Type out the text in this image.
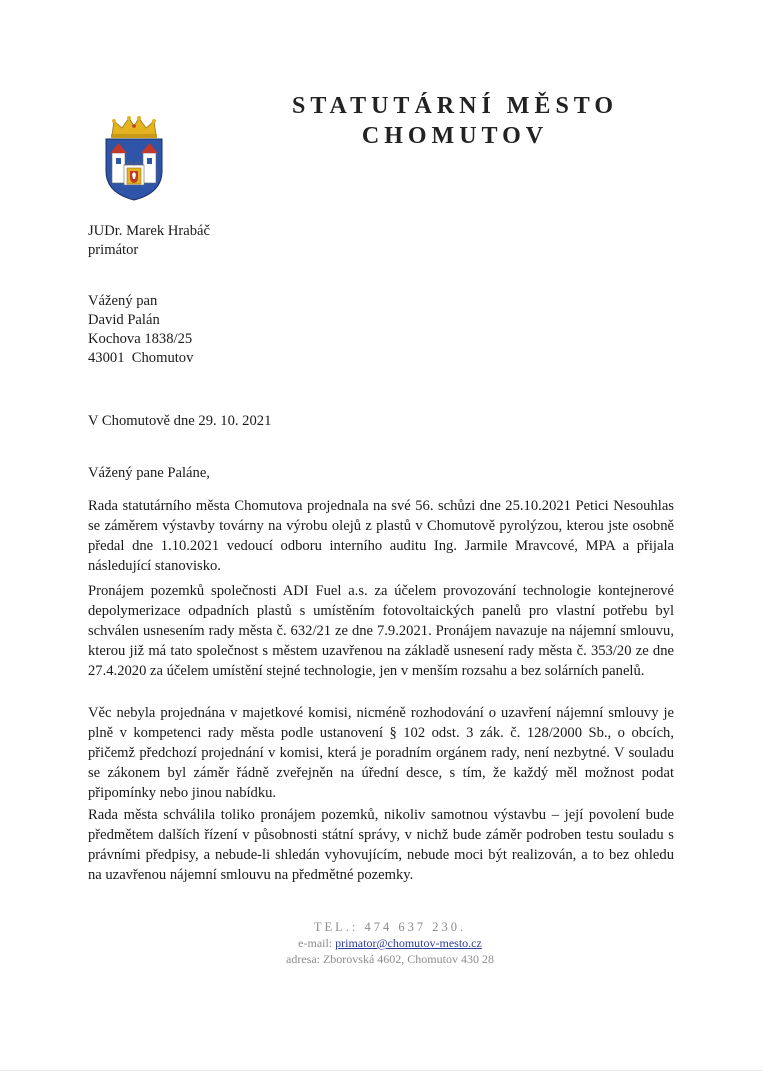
STATUTÁRNÍ MĚSTO
CHOMUTOV
JUDr. Marek Hrabáč
primátor
Vážený pan
David Palán
Kochova 1838/25
43001  Chomutov
V Chomutově dne 29. 10. 2021
Vážený pane Paláne,
Rada statutárního města Chomutova projednala na své 56. schůzi dne 25.10.2021 Petici Nesouhlas se záměrem výstavby továrny na výrobu olejů z plastů v Chomutově pyrolýzou, kterou jste osobně předal dne 1.10.2021 vedoucí odboru interního auditu Ing. Jarmile Mravcové, MPA a přijala následující stanovisko.
Pronájem pozemků společnosti ADI Fuel a.s. za účelem provozování technologie kontejnerové depolymerizace odpadních plastů s umístěním fotovoltaických panelů pro vlastní potřebu byl schválen usnesením rady města č. 632/21 ze dne 7.9.2021. Pronájem navazuje na nájemní smlouvu, kterou již má tato společnost s městem uzavřenou na základě usnesení rady města č. 353/20 ze dne 27.4.2020 za účelem umístění stejné technologie, jen v menším rozsahu a bez solárních panelů.
Věc nebyla projednána v majetkové komisi, nicméně rozhodování o uzavření nájemní smlouvy je plně v kompetenci rady města podle ustanovení § 102 odst. 3 zák. č. 128/2000 Sb., o obcích, přičemž předchozí projednání v komisi, která je poradním orgánem rady, není nezbytné. V souladu se zákonem byl záměr řádně zveřejněn na úřední desce, s tím, že každý měl možnost podat připomínky nebo jinou nabídku.
Rada města schválila toliko pronájem pozemků, nikoliv samotnou výstavbu – její povolení bude předmětem dalších řízení v působnosti státní správy, v nichž bude záměr podroben testu souladu s právními předpisy, a nebude-li shledán vyhovujícím, nebude moci být realizován, a to bez ohledu na uzavřenou nájemní smlouvu na předmětné pozemky.
TEL.: 474 637 230.
e-mail: primator@chomutov-mesto.cz
adresa: Zborovská 4602, Chomutov 430 28
